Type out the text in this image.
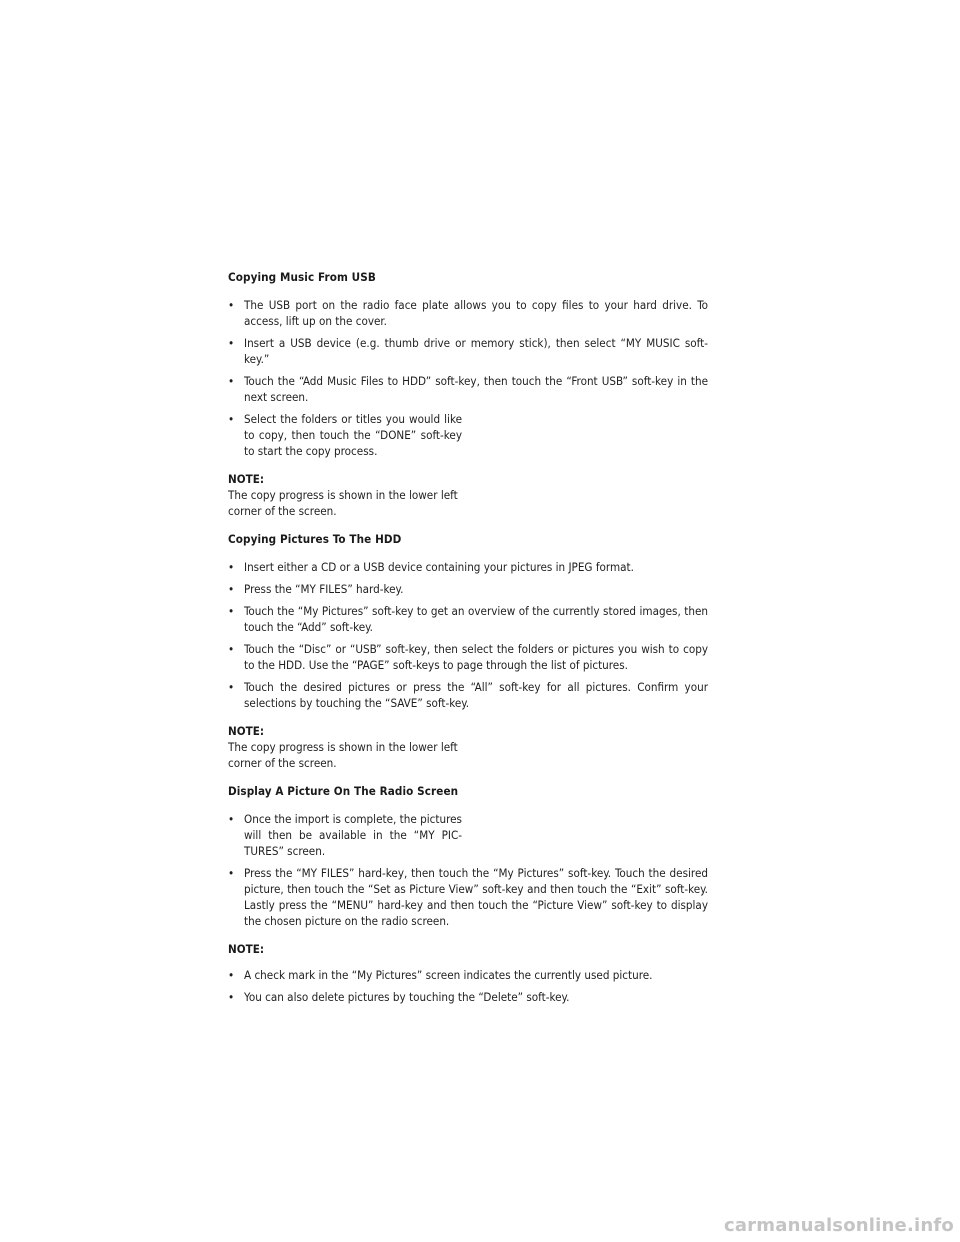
Copying Music From USB
• The USB port on the radio face plate allows you to copy files to your hard drive. To access, lift up on the cover.
• Insert a USB device (e.g. thumb drive or memory stick), then select “MY MUSIC soft-key.”
• Touch the “Add Music Files to HDD” soft-key, then touch the “Front USB” soft-key in the next screen.
• Select the folders or titles you would like to copy, then touch the “DONE” soft-key to start the copy process.
NOTE:
The copy progress is shown in the lower left corner of the screen.
Copying Pictures To The HDD
• Insert either a CD or a USB device containing your pictures in JPEG format.
• Press the “MY FILES” hard-key.
• Touch the “My Pictures” soft-key to get an overview of the currently stored images, then touch the “Add” soft-key.
• Touch the “Disc” or “USB” soft-key, then select the folders or pictures you wish to copy to the HDD. Use the “PAGE” soft-keys to page through the list of pictures.
• Touch the desired pictures or press the “All” soft-key for all pictures. Confirm your selections by touching the “SAVE” soft-key.
NOTE:
The copy progress is shown in the lower left corner of the screen.
Display A Picture On The Radio Screen
• Once the import is complete, the pictures will then be available in the “MY PIC-TURES” screen.
• Press the “MY FILES” hard-key, then touch the “My Pictures” soft-key. Touch the desired picture, then touch the “Set as Picture View” soft-key and then touch the “Exit” soft-key. Lastly press the “MENU” hard-key and then touch the “Picture View” soft-key to display the chosen picture on the radio screen.
NOTE:
• A check mark in the “My Pictures” screen indicates the currently used picture.
• You can also delete pictures by touching the “Delete” soft-key.
carmanualsonline.info
